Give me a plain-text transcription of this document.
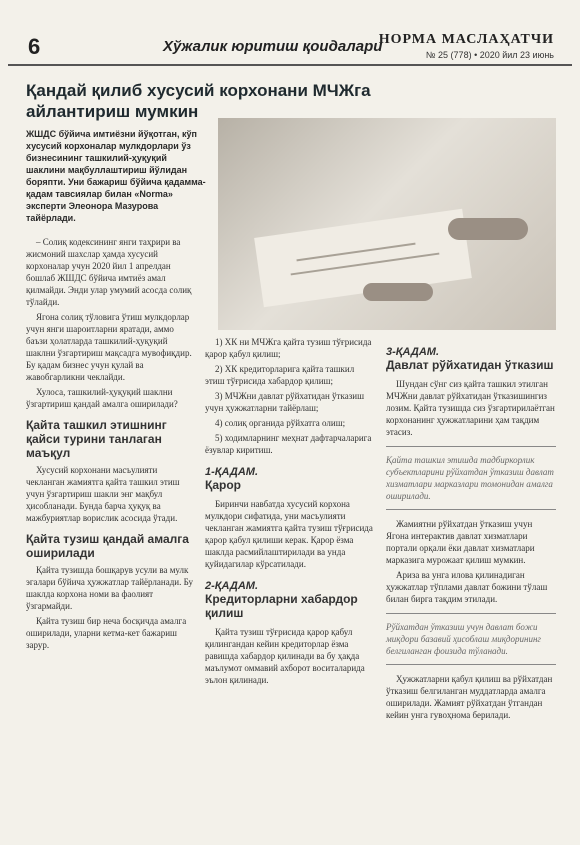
6	Хўжалик юритиш қоидалари
НОРМА МАСЛАҲАТЧИ
№ 25 (778) • 2020 йил 23 июнь
Қандай қилиб хусусий корхонани МЧЖга айлантириш мумкин
ЖШДС бўйича имтиёзни йўқотган, кўп хусусий корхоналар мулкдорлари ўз бизнесининг ташкилий-ҳуқуқий шаклини мақбуллаштириш йўлидан боряпти. Уни бажариш бўйича қадамма-қадам тавсиялар билан «Norma» эксперти Элеонора Мазурова тайёрлади.

– Солиқ кодексининг янги таҳрири ва жисмоний шахслар ҳамда хусусий корхоналар учун 2020 йил 1 апрелдан бошлаб ЖШДС бўйича имтиёз амал қилмайди. Энди улар умумий асосда солиқ тўлайди.

Ягона солиқ тўловига ўтиш мулкдорлар учун янги шароитларни яратади, аммо баъзи ҳолатларда ташкилий-ҳуқуқий шаклни ўзгартириш мақсадга мувофиқдир. Бу қадам бизнес учун қулай ва жавобгарликни чеклайди.

Хулоса, ташкилий-ҳуқуқий шаклни ўзгартириш қандай амалга оширилади?

Қайта ташкил этишнинг қайси турини танлаган маъқул

Хусусий корхонани масъулияти чекланган жамиятга қайта ташкил этиш учун ўзгартириш шакли энг мақбул ҳисобланади. Бунда барча ҳуқуқ ва мажбуриятлар ворислик асосида ўтади.

Қайта тузиш қандай амалга оширилади

Қайта тузишда бошқарув усули ва мулк эгалари бўйича ҳужжатлар тайёрланади. Бу шаклда корхона номи ва фаолият ўзгармайди.

Қайта тузиш бир неча босқичда амалга оширилади, уларни кетма-кет бажариш зарур.

1) ХК ни МЧЖга қайта тузиш тўғрисида қарор қабул қилиш;

2) ХК кредиторларига қайта ташкил этиш тўғрисида хабардор қилиш;

3) МЧЖни давлат рўйхатидан ўтказиш учун ҳужжатларни тайёрлаш;

4) солиқ органида рўйхатга олиш;

5) ходимларнинг меҳнат дафтарчаларига ёзувлар киритиш.

1-ҚАДАМ.
Қарор

Биринчи навбатда хусусий корхона мулкдори сифатида, уни масъулияти чекланган жамиятга қайта тузиш тўғрисида қарор қабул қилиши керак. Қарор ёзма шаклда расмийлаштирилади ва унда қуйидагилар кўрсатилади.

2-ҚАДАМ.
Кредиторларни хабардор қилиш

Қайта тузиш тўғрисида қарор қабул қилингандан кейин кредиторлар ёзма равишда хабардор қилинади ва бу ҳақда маълумот оммавий ахборот воситаларида эълон қилинади.

3-ҚАДАМ.
Давлат рўйхатидан ўтказиш

Шундан сўнг сиз қайта ташкил этилган МЧЖни давлат рўйхатидан ўтказишингиз лозим. Қайта тузишда сиз ўзгартирилаётган корхонанинг ҳужжатларини ҳам тақдим этасиз.

Қайта ташкил этишда тадбиркорлик субъектларини рўйхатдан ўтказиш давлат хизматлари марказлари томонидан амалга оширилади.

Жамиятни рўйхатдан ўтказиш учун Ягона интерактив давлат хизматлари портали орқали ёки давлат хизматлари марказига мурожаат қилиш мумкин.

Ариза ва унга илова қилинадиган ҳужжатлар тўплами давлат божини тўлаш билан бирга тақдим этилади.

Рўйхатдан ўтказиш учун давлат божи миқдори базавий ҳисоблаш миқдорининг белгиланган фоизида тўланади.

Ҳужжатларни қабул қилиш ва рўйхатдан ўтказиш белгиланган муддатларда амалга оширилади. Жамият рўйхатдан ўтгандан кейин унга гувоҳнома берилади.
